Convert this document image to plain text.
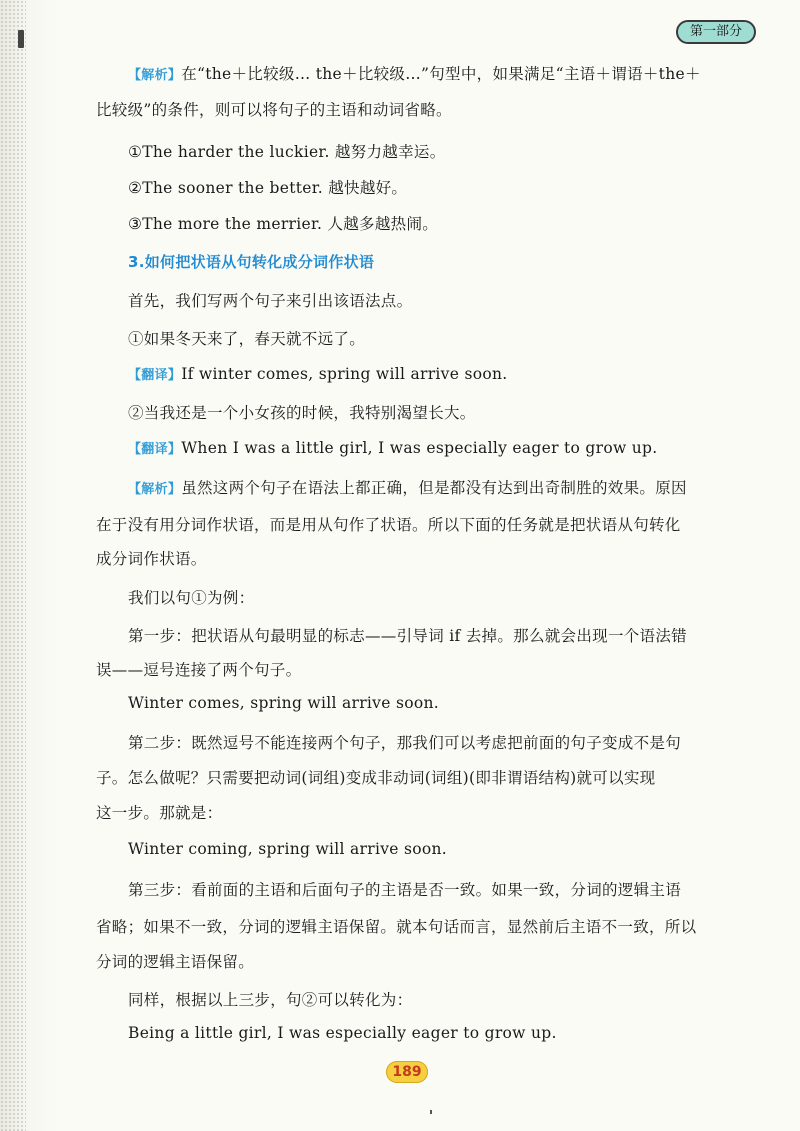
第一部分
【解析】在“the＋比较级… the＋比较级…”句型中，如果满足“主语＋谓语＋the＋
比较级”的条件，则可以将句子的主语和动词省略。
①The harder the luckier. 越努力越幸运。
②The sooner the better. 越快越好。
③The more the merrier. 人越多越热闹。
3.如何把状语从句转化成分词作状语
首先，我们写两个句子来引出该语法点。
①如果冬天来了，春天就不远了。
【翻译】If winter comes, spring will arrive soon.
②当我还是一个小女孩的时候，我特别渴望长大。
【翻译】When I was a little girl, I was especially eager to grow up.
【解析】虽然这两个句子在语法上都正确，但是都没有达到出奇制胜的效果。原因
在于没有用分词作状语，而是用从句作了状语。所以下面的任务就是把状语从句转化
成分词作状语。
我们以句①为例：
第一步：把状语从句最明显的标志——引导词 if 去掉。那么就会出现一个语法错
误——逗号连接了两个句子。
Winter comes, spring will arrive soon.
第二步：既然逗号不能连接两个句子，那我们可以考虑把前面的句子变成不是句
子。怎么做呢？只需要把动词(词组)变成非动词(词组)(即非谓语结构)就可以实现
这一步。那就是：
Winter coming, spring will arrive soon.
第三步：看前面的主语和后面句子的主语是否一致。如果一致，分词的逻辑主语
省略；如果不一致，分词的逻辑主语保留。就本句话而言，显然前后主语不一致，所以
分词的逻辑主语保留。
同样，根据以上三步，句②可以转化为：
Being a little girl, I was especially eager to grow up.
189
